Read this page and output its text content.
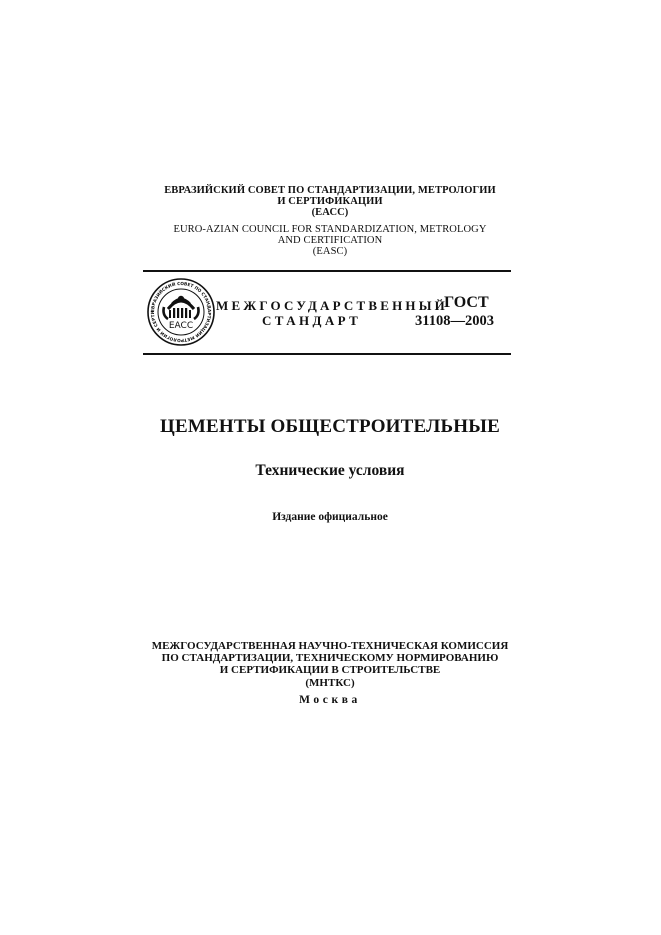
ЕВРАЗИЙСКИЙ СОВЕТ ПО СТАНДАРТИЗАЦИИ, МЕТРОЛОГИИ
И СЕРТИФИКАЦИИ
(ЕАСС)
EURO-AZIAN COUNCIL FOR STANDARDIZATION, METROLOGY
AND CERTIFICATION
(EASC)
ЕВРАЗИЙСКИЙ СОВЕТ ПО СТАНДАРТИЗАЦИИ МЕТРОЛОГИИ И СЕРТИ
EACC
МЕЖГОСУДАРСТВЕННЫЙ
СТАНДАРТ
ГОСТ
31108—2003
ЦЕМЕНТЫ ОБЩЕСТРОИТЕЛЬНЫЕ
Технические условия
Издание официальное
МЕЖГОСУДАРСТВЕННАЯ НАУЧНО-ТЕХНИЧЕСКАЯ КОМИССИЯ
ПО СТАНДАРТИЗАЦИИ, ТЕХНИЧЕСКОМУ НОРМИРОВАНИЮ
И СЕРТИФИКАЦИИ В СТРОИТЕЛЬСТВЕ
(МНТКС)
Москва
